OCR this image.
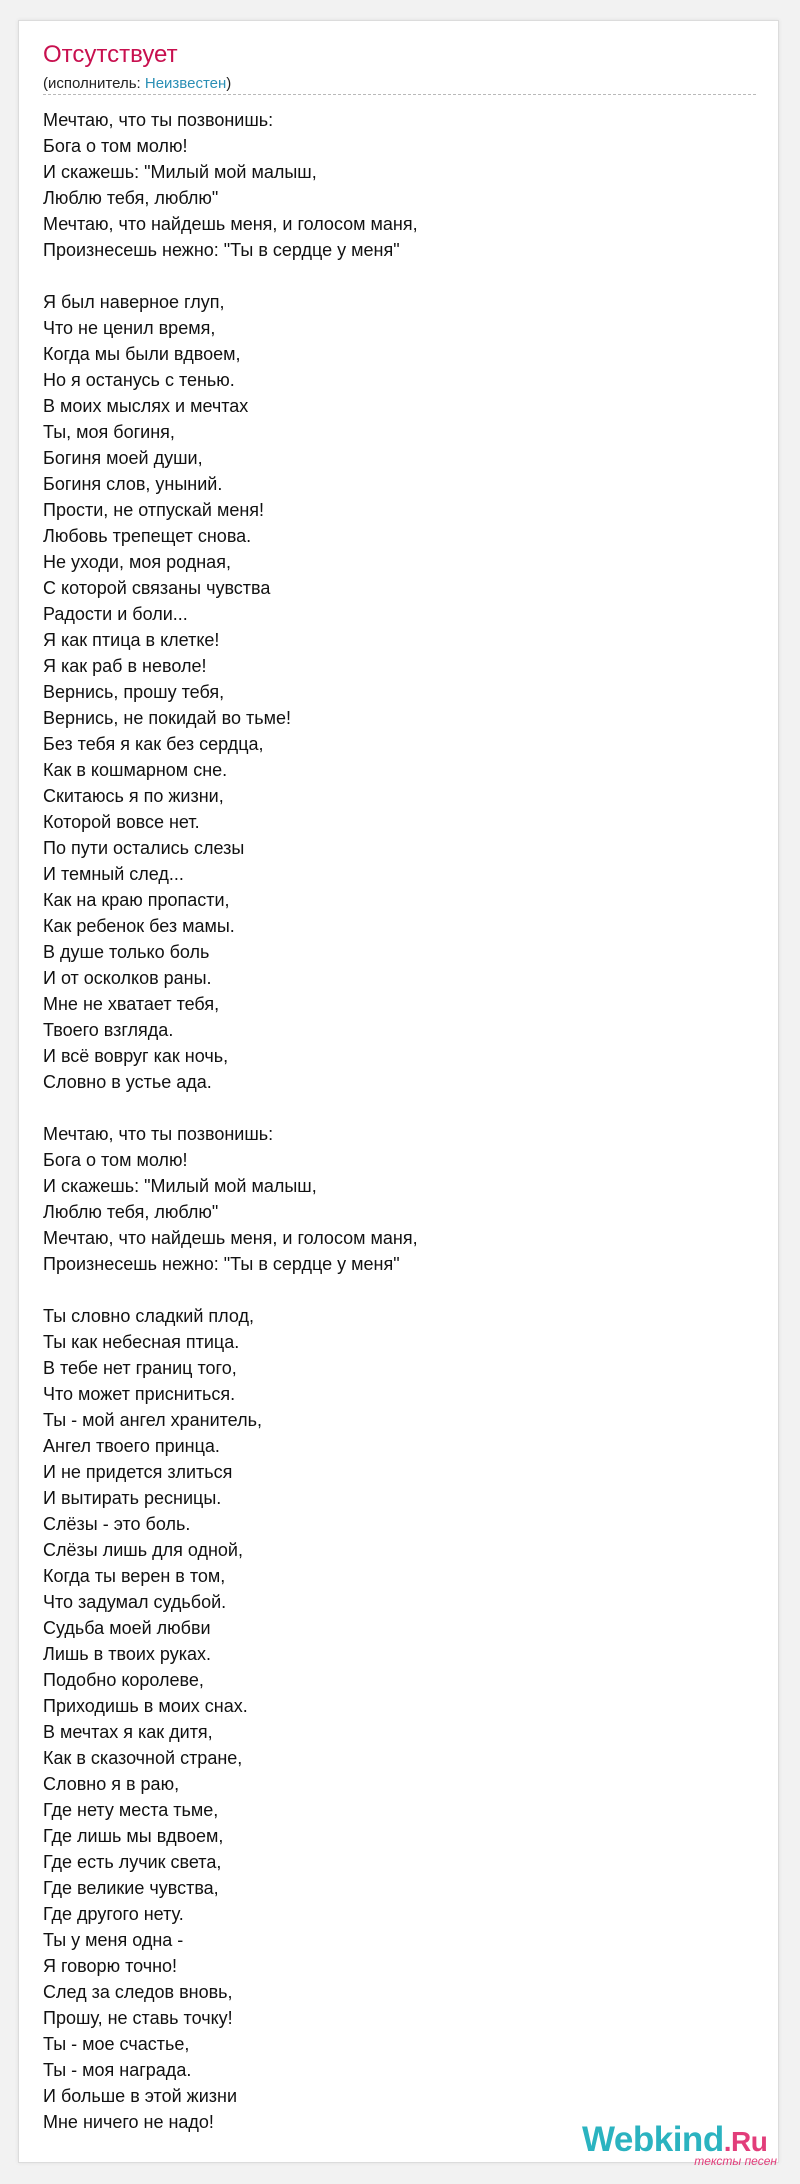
Отсутствует
(исполнитель: Неизвестен)
Мечтаю, что ты позвонишь:
Бога о том молю!
И скажешь: "Милый мой малыш,
Люблю тебя, люблю"
Мечтаю, что найдешь меня, и голосом маня,
Произнесешь нежно: "Ты в сердце у меня"
Я был наверное глуп,
Что не ценил время,
Когда мы были вдвоем,
Но я останусь с тенью.
В моих мыслях и мечтах
Ты, моя богиня,
Богиня моей души,
Богиня слов, уныний.
Прости, не отпускай меня!
Любовь трепещет снова.
Не уходи, моя родная,
С которой связаны чувства
Радости и боли...
Я как птица в клетке!
Я как раб в неволе!
Вернись, прошу тебя,
Вернись, не покидай во тьме!
Без тебя я как без сердца,
Как в кошмарном сне.
Скитаюсь я по жизни,
Которой вовсе нет.
По пути остались слезы
И темный след...
Как на краю пропасти,
Как ребенок без мамы.
В душе только боль
И от осколков раны.
Мне не хватает тебя,
Твоего взгляда.
И всё вовруг как ночь,
Словно в устье ада.
Мечтаю, что ты позвонишь:
Бога о том молю!
И скажешь: "Милый мой малыш,
Люблю тебя, люблю"
Мечтаю, что найдешь меня, и голосом маня,
Произнесешь нежно: "Ты в сердце у меня"
Ты словно сладкий плод,
Ты как небесная птица.
В тебе нет границ того,
Что может присниться.
Ты - мой ангел хранитель,
Ангел твоего принца.
И не придется злиться
И вытирать ресницы.
Слёзы - это боль.
Слёзы лишь для одной,
Когда ты верен в том,
Что задумал судьбой.
Судьба моей любви
Лишь в твоих руках.
Подобно королеве,
Приходишь в моих снах.
В мечтах я как дитя,
Как в сказочной стране,
Словно я в раю,
Где нету места тьме,
Где лишь мы вдвоем,
Где есть лучик света,
Где великие чувства,
Где другого нету.
Ты у меня одна -
Я говорю точно!
След за следов вновь,
Прошу, не ставь точку!
Ты - мое счастье,
Ты - моя награда.
И больше в этой жизни
Мне ничего не надо!	Webkind.Ru
тексты песен
